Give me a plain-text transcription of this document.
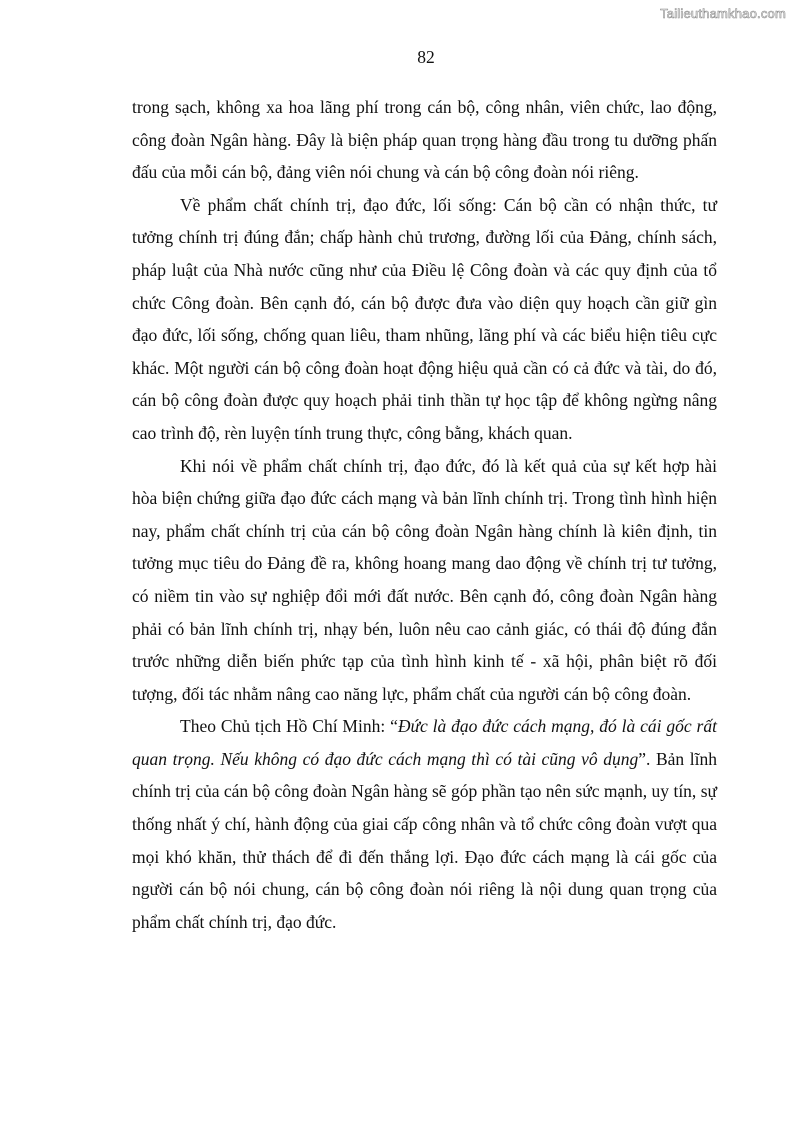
Tailieuthamkhao.com
82

trong sạch, không xa hoa lãng phí trong cán bộ, công nhân, viên chức, lao động, công đoàn Ngân hàng. Đây là biện pháp quan trọng hàng đầu trong tu dưỡng phấn đấu của mỗi cán bộ, đảng viên nói chung và cán bộ công đoàn nói riêng.

Về phẩm chất chính trị, đạo đức, lối sống: Cán bộ cần có nhận thức, tư tưởng chính trị đúng đắn; chấp hành chủ trương, đường lối của Đảng, chính sách, pháp luật của Nhà nước cũng như của Điều lệ Công đoàn và các quy định của tổ chức Công đoàn. Bên cạnh đó, cán bộ được đưa vào diện quy hoạch cần giữ gìn đạo đức, lối sống, chống quan liêu, tham nhũng, lãng phí và các biểu hiện tiêu cực khác. Một người cán bộ công đoàn hoạt động hiệu quả cần có cả đức và tài, do đó, cán bộ công đoàn được quy hoạch phải tinh thần tự học tập để không ngừng nâng cao trình độ, rèn luyện tính trung thực, công bằng, khách quan.

Khi nói về phẩm chất chính trị, đạo đức, đó là kết quả của sự kết hợp hài hòa biện chứng giữa đạo đức cách mạng và bản lĩnh chính trị. Trong tình hình hiện nay, phẩm chất chính trị của cán bộ công đoàn Ngân hàng chính là kiên định, tin tưởng mục tiêu do Đảng đề ra, không hoang mang dao động về chính trị tư tưởng, có niềm tin vào sự nghiệp đổi mới đất nước. Bên cạnh đó, công đoàn Ngân hàng phải có bản lĩnh chính trị, nhạy bén, luôn nêu cao cảnh giác, có thái độ đúng đắn trước những diễn biến phức tạp của tình hình kinh tế - xã hội, phân biệt rõ đối tượng, đối tác nhằm nâng cao năng lực, phẩm chất của người cán bộ công đoàn.

Theo Chủ tịch Hồ Chí Minh: “Đức là đạo đức cách mạng, đó là cái gốc rất quan trọng. Nếu không có đạo đức cách mạng thì có tài cũng vô dụng”. Bản lĩnh chính trị của cán bộ công đoàn Ngân hàng sẽ góp phần tạo nên sức mạnh, uy tín, sự thống nhất ý chí, hành động của giai cấp công nhân và tổ chức công đoàn vượt qua mọi khó khăn, thử thách để đi đến thắng lợi. Đạo đức cách mạng là cái gốc của người cán bộ nói chung, cán bộ công đoàn nói riêng là nội dung quan trọng của phẩm chất chính trị, đạo đức.
